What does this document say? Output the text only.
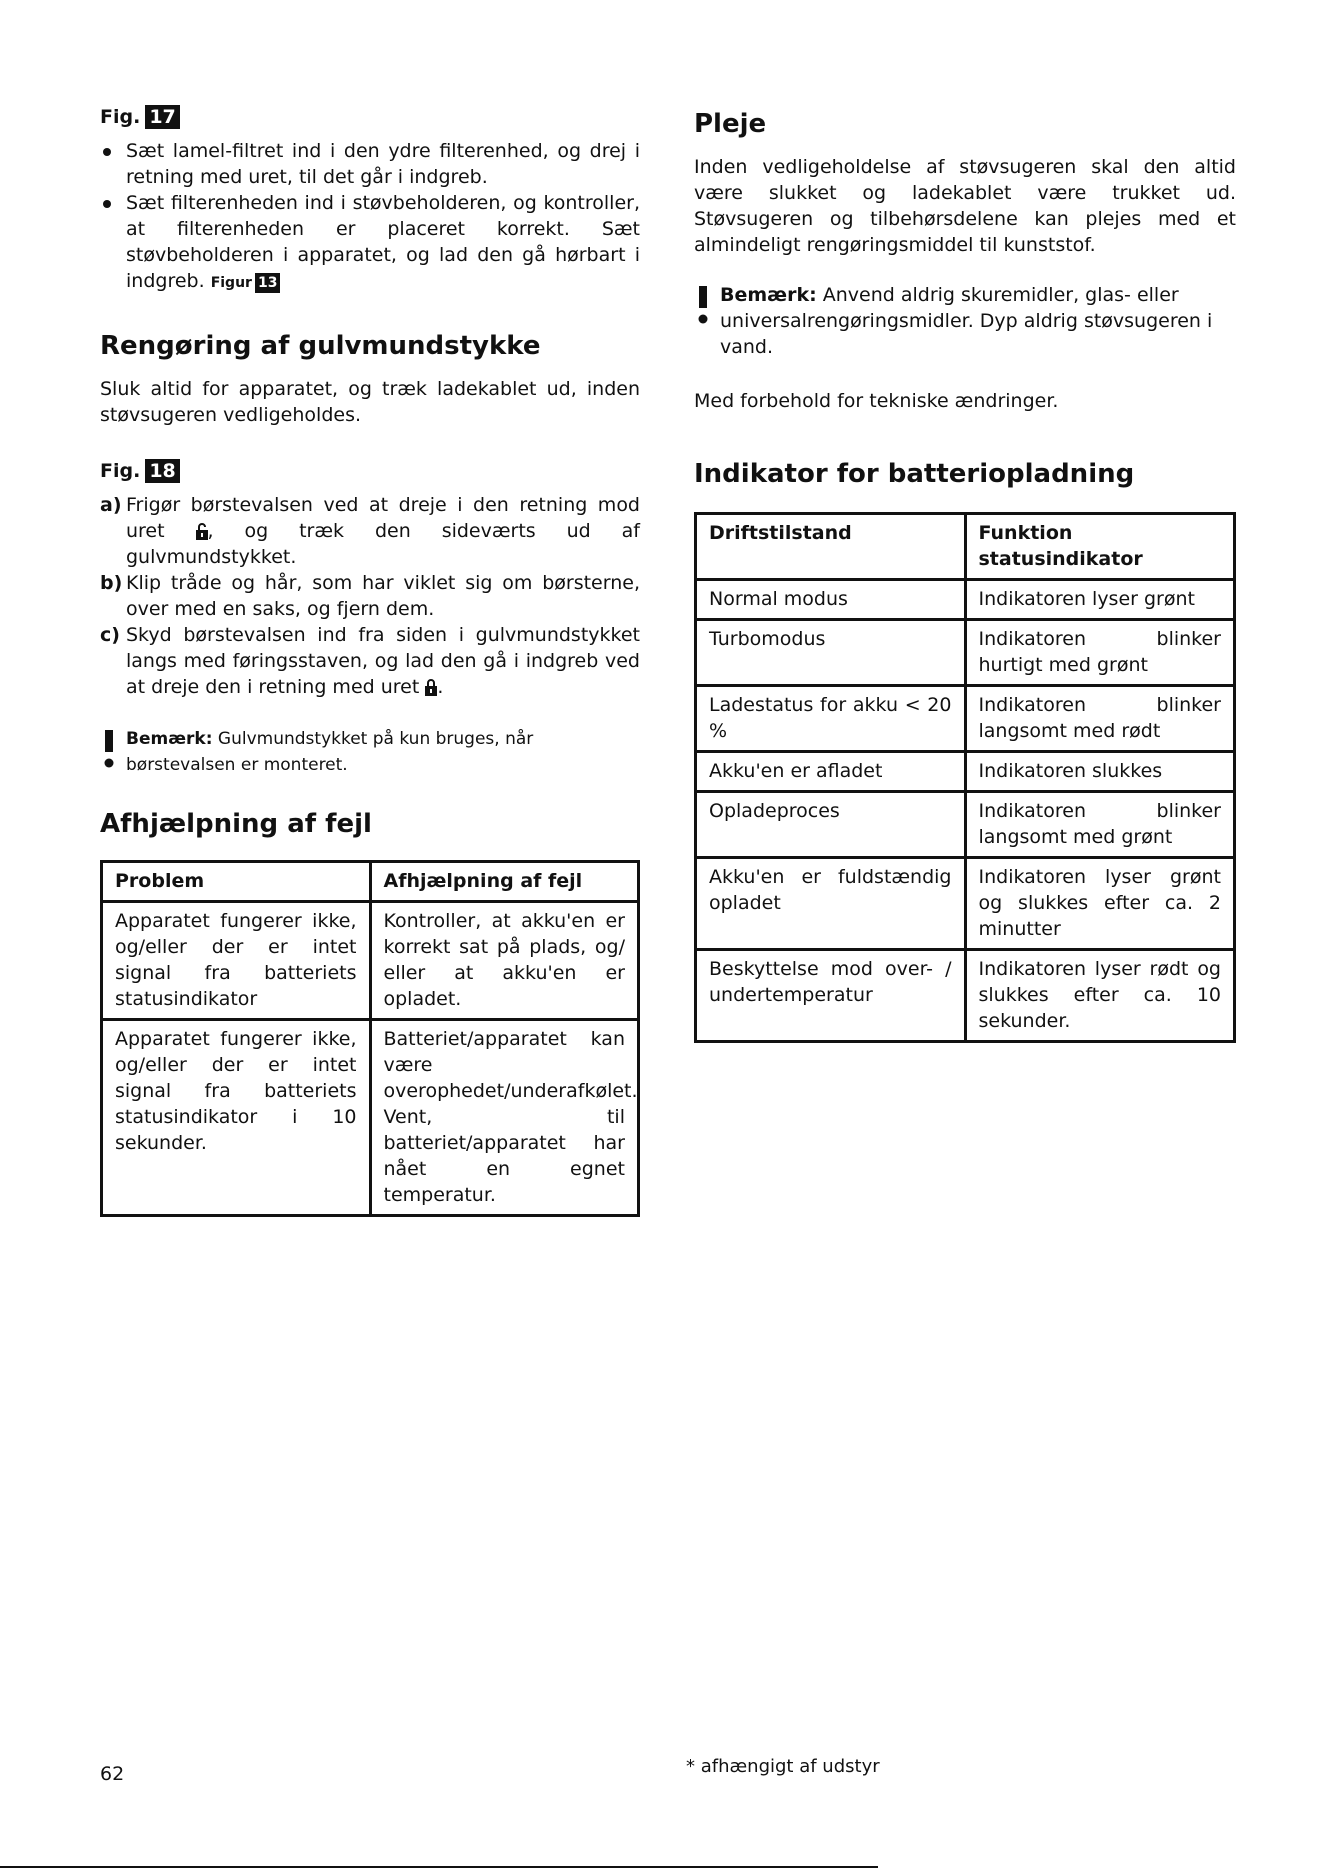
Fig. 17
Sæt lamel-filtret ind i den ydre filterenhed, og drej i retning med uret, til det går i indgreb.
Sæt filterenheden ind i støvbeholderen, og kontroller, at filterenheden er placeret korrekt. Sæt støvbeholderen i apparatet, og lad den gå hørbart i indgreb. Figur 13
Rengøring af gulvmundstykke

Sluk altid for apparatet, og træk ladekablet ud, inden støvsugeren vedligeholdes.

Fig. 18
a) Frigør børstevalsen ved at dreje i den retning mod uret , og træk den sideværts ud af gulvmundstykket.
b) Klip tråde og hår, som har viklet sig om børsterne, over med en saks, og fjern dem.
c) Skyd børstevalsen ind fra siden i gulvmundstykket langs med føringsstaven, og lad den gå i indgreb ved at dreje den i retning med uret .

Bemærk: Gulvmundstykket på kun bruges, når børstevalsen er monteret.

Afhjælpning af fejl
Problem	Afhjælpning af fejl
Apparatet fungerer ikke, og/eller der er intet signal fra batteriets statusindikator	Kontroller, at akku'en er korrekt sat på plads, og/ eller at akku'en er opladet.
Apparatet fungerer ikke, og/eller der er intet signal fra batteriets statusindikator i 10 sekunder.	Batteriet/apparatet kan være overophedet/underafkølet. Vent, til batteriet/apparatet har nået en egnet temperatur.
Pleje

Inden vedligeholdelse af støvsugeren skal den altid være slukket og ladekablet være trukket ud. Støvsugeren og tilbehørsdelene kan plejes med et almindeligt rengøringsmiddel til kunststof.

Bemærk: Anvend aldrig skuremidler, glas- eller universalrengøringsmidler. Dyp aldrig støvsugeren i vand.

Med forbehold for tekniske ændringer.

Indikator for batteriopladning
Driftstilstand	Funktion statusindikator
Normal modus	Indikatoren lyser grønt
Turbomodus	Indikatoren blinker hurtigt med grønt
Ladestatus for akku < 20 %	Indikatoren blinker langsomt med rødt
Akku'en er afladet	Indikatoren slukkes
Opladeproces	Indikatoren blinker langsomt med grønt
Akku'en er fuldstændig opladet	Indikatoren lyser grønt og slukkes efter ca. 2 minutter
Beskyttelse mod over- / undertemperatur	Indikatoren lyser rødt og slukkes efter ca. 10 sekunder.
62	* afhængigt af udstyr
